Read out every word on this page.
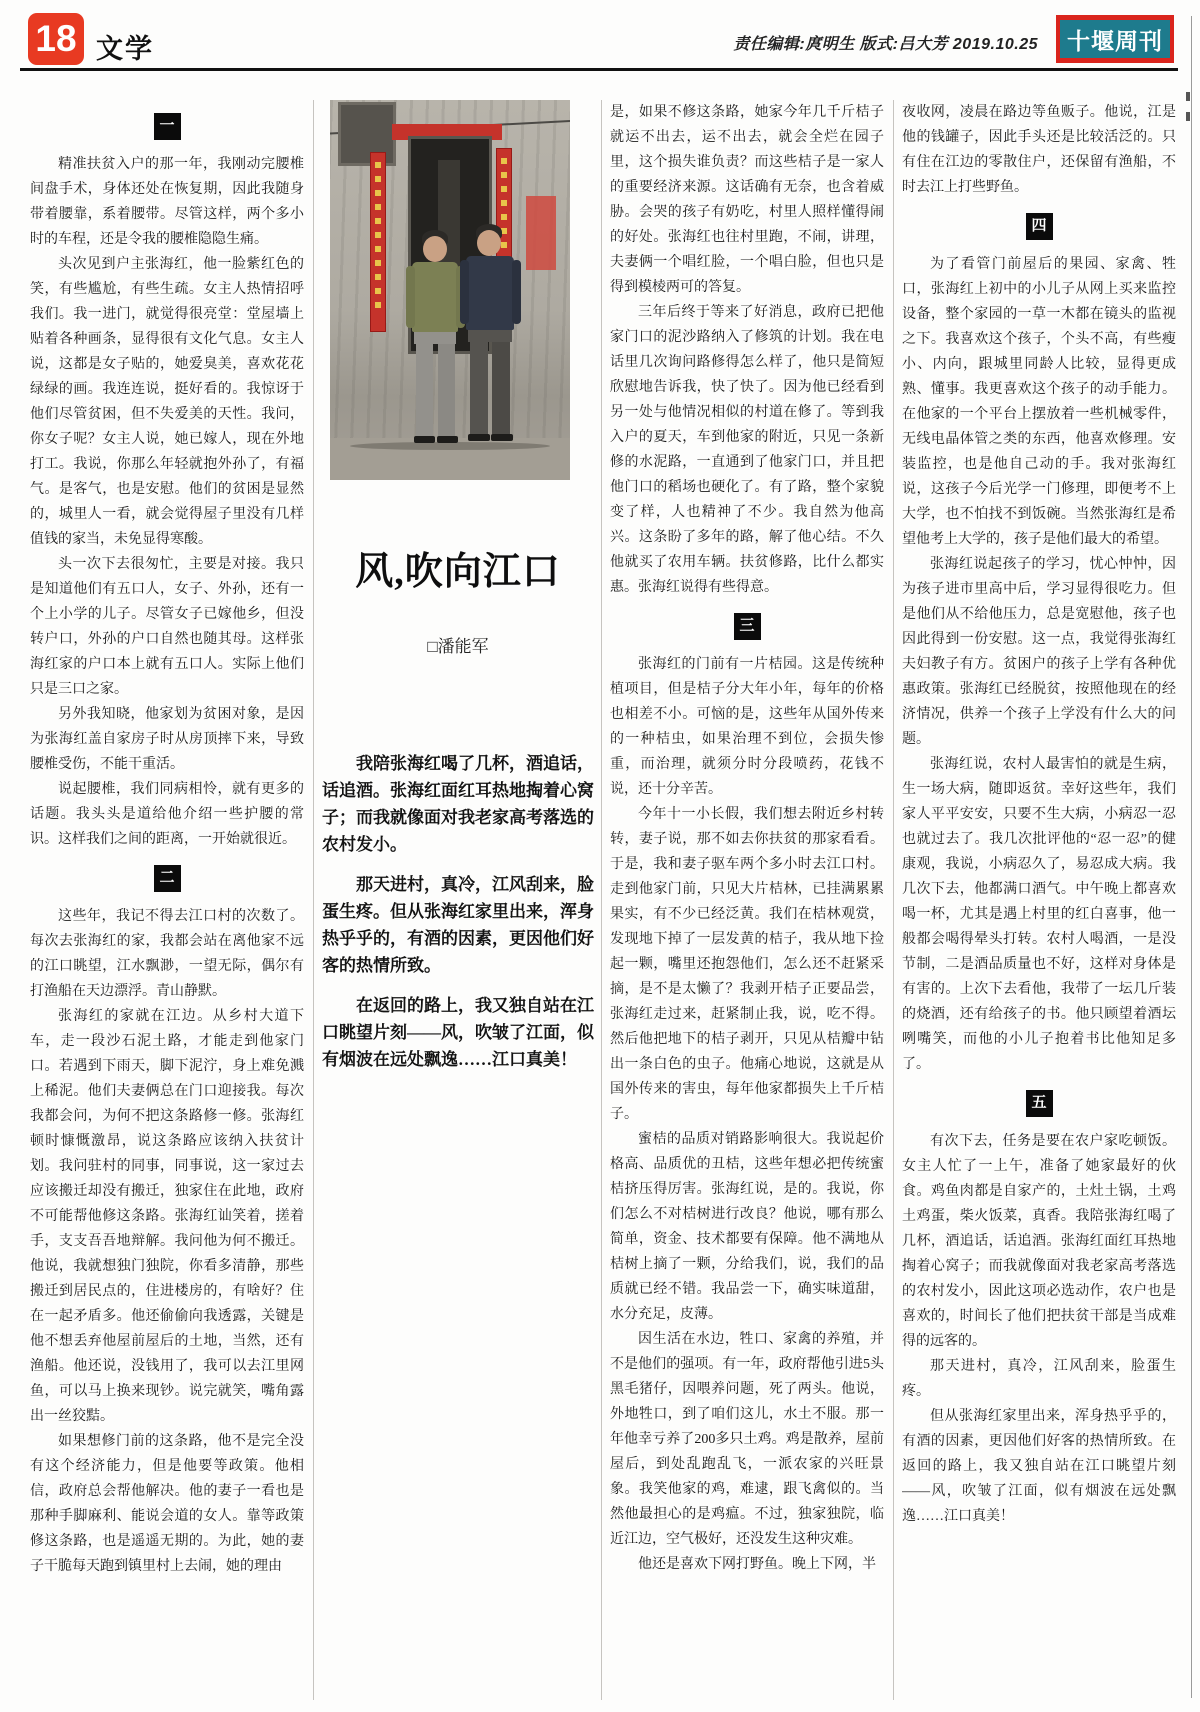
18 文学	责任编辑:庹明生 版式:吕大芳 2019.10.25	十堰周刊
一

精准扶贫入户的那一年，我刚动完腰椎间盘手术，身体还处在恢复期，因此我随身带着腰靠，系着腰带。尽管这样，两个多小时的车程，还是令我的腰椎隐隐生痛。

头次见到户主张海红，他一脸紫红色的笑，有些尴尬，有些生疏。女主人热情招呼我们。我一进门，就觉得很亮堂：堂屋墙上贴着各种画条，显得很有文化气息。女主人说，这都是女子贴的，她爱臭美，喜欢花花绿绿的画。我连连说，挺好看的。我惊讶于他们尽管贫困，但不失爱美的天性。我问，你女子呢？女主人说，她已嫁人，现在外地打工。我说，你那么年轻就抱外孙了，有福气。是客气，也是安慰。他们的贫困是显然的，城里人一看，就会觉得屋子里没有几样值钱的家当，未免显得寒酸。

头一次下去很匆忙，主要是对接。我只是知道他们有五口人，女子、外孙，还有一个上小学的儿子。尽管女子已嫁他乡，但没转户口，外孙的户口自然也随其母。这样张海红家的户口本上就有五口人。实际上他们只是三口之家。

另外我知晓，他家划为贫困对象，是因为张海红盖自家房子时从房顶摔下来，导致腰椎受伤，不能干重活。

说起腰椎，我们同病相怜，就有更多的话题。我头头是道给他介绍一些护腰的常识。这样我们之间的距离，一开始就很近。

二

这些年，我记不得去江口村的次数了。每次去张海红的家，我都会站在离他家不远的江口眺望，江水飘渺，一望无际，偶尔有打渔船在天边漂浮。青山静默。

张海红的家就在江边。从乡村大道下车，走一段沙石泥土路，才能走到他家门口。若遇到下雨天，脚下泥泞，身上难免溅上稀泥。他们夫妻俩总在门口迎接我。每次我都会问，为何不把这条路修一修。张海红顿时慷慨激昂，说这条路应该纳入扶贫计划。我问驻村的同事，同事说，这一家过去应该搬迁却没有搬迁，独家住在此地，政府不可能帮他修这条路。张海红讪笑着，搓着手，支支吾吾地辩解。我问他为何不搬迁。他说，我就想独门独院，你看多清静，那些搬迁到居民点的，住进楼房的，有啥好？住在一起矛盾多。他还偷偷向我透露，关键是他不想丢弃他屋前屋后的土地，当然，还有渔船。他还说，没钱用了，我可以去江里网鱼，可以马上换来现钞。说完就笑，嘴角露出一丝狡黠。

如果想修门前的这条路，他不是完全没有这个经济能力，但是他要等政策。他相信，政府总会帮他解决。他的妻子一看也是那种手脚麻利、能说会道的女人。靠等政策修这条路，也是遥遥无期的。为此，她的妻子干脆每天跑到镇里村上去闹，她的理由

风,吹向江口
□潘能军

我陪张海红喝了几杯，酒追话，话追酒。张海红面红耳热地掏着心窝子；而我就像面对我老家高考落选的农村发小。

那天进村，真冷，江风刮来，脸蛋生疼。但从张海红家里出来，浑身热乎乎的，有酒的因素，更因他们好客的热情所致。

在返回的路上，我又独自站在江口眺望片刻——风，吹皱了江面，似有烟波在远处飘逸……江口真美！

是，如果不修这条路，她家今年几千斤桔子就运不出去，运不出去，就会全烂在园子里，这个损失谁负责？而这些桔子是一家人的重要经济来源。这话确有无奈，也含着威胁。会哭的孩子有奶吃，村里人照样懂得闹的好处。张海红也往村里跑，不闹，讲理，夫妻俩一个唱红脸，一个唱白脸，但也只是得到模棱两可的答复。

三年后终于等来了好消息，政府已把他家门口的泥沙路纳入了修筑的计划。我在电话里几次询问路修得怎么样了，他只是简短欣慰地告诉我，快了快了。因为他已经看到另一处与他情况相似的村道在修了。等到我入户的夏天，车到他家的附近，只见一条新修的水泥路，一直通到了他家门口，并且把他门口的稻场也硬化了。有了路，整个家貌变了样，人也精神了不少。我自然为他高兴。这条盼了多年的路，解了他心结。不久他就买了农用车辆。扶贫修路，比什么都实惠。张海红说得有些得意。

三

张海红的门前有一片桔园。这是传统种植项目，但是桔子分大年小年，每年的价格也相差不小。可恼的是，这些年从国外传来的一种桔虫，如果治理不到位，会损失惨重，而治理，就须分时分段喷药，花钱不说，还十分辛苦。

今年十一小长假，我们想去附近乡村转转，妻子说，那不如去你扶贫的那家看看。于是，我和妻子驱车两个多小时去江口村。走到他家门前，只见大片桔林，已挂满累累果实，有不少已经泛黄。我们在桔林观赏，发现地下掉了一层发黄的桔子，我从地下捡起一颗，嘴里还抱怨他们，怎么还不赶紧采摘，是不是太懒了？我剥开桔子正要品尝，张海红走过来，赶紧制止我，说，吃不得。然后他把地下的桔子剥开，只见从桔瓣中钻出一条白色的虫子。他痛心地说，这就是从国外传来的害虫，每年他家都损失上千斤桔子。

蜜桔的品质对销路影响很大。我说起价格高、品质优的丑桔，这些年想必把传统蜜桔挤压得厉害。张海红说，是的。我说，你们怎么不对桔树进行改良？他说，哪有那么简单，资金、技术都要有保障。他不满地从桔树上摘了一颗，分给我们，说，我们的品质就已经不错。我品尝一下，确实味道甜，水分充足，皮薄。

因生活在水边，牲口、家禽的养殖，并不是他们的强项。有一年，政府帮他引进5头黑毛猪仔，因喂养问题，死了两头。他说，外地牲口，到了咱们这儿，水土不服。那一年他幸亏养了200多只土鸡。鸡是散养，屋前屋后，到处乱跑乱飞，一派农家的兴旺景象。我笑他家的鸡，难逮，跟飞禽似的。当然他最担心的是鸡瘟。不过，独家独院，临近江边，空气极好，还没发生这种灾难。

他还是喜欢下网打野鱼。晚上下网，半

夜收网，凌晨在路边等鱼贩子。他说，江是他的钱罐子，因此手头还是比较活泛的。只有住在江边的零散住户，还保留有渔船，不时去江上打些野鱼。

四

为了看管门前屋后的果园、家禽、牲口，张海红上初中的小儿子从网上买来监控设备，整个家园的一草一木都在镜头的监视之下。我喜欢这个孩子，个头不高，有些瘦小、内向，跟城里同龄人比较，显得更成熟、懂事。我更喜欢这个孩子的动手能力。在他家的一个平台上摆放着一些机械零件，无线电晶体管之类的东西，他喜欢修理。安装监控，也是他自己动的手。我对张海红说，这孩子今后光学一门修理，即便考不上大学，也不怕找不到饭碗。当然张海红是希望他考上大学的，孩子是他们最大的希望。

张海红说起孩子的学习，忧心忡忡，因为孩子进市里高中后，学习显得很吃力。但是他们从不给他压力，总是宽慰他，孩子也因此得到一份安慰。这一点，我觉得张海红夫妇教子有方。贫困户的孩子上学有各种优惠政策。张海红已经脱贫，按照他现在的经济情况，供养一个孩子上学没有什么大的问题。

张海红说，农村人最害怕的就是生病，生一场大病，随即返贫。幸好这些年，我们家人平平安安，只要不生大病，小病忍一忍也就过去了。我几次批评他的“忍一忍”的健康观，我说，小病忍久了，易忍成大病。我几次下去，他都满口酒气。中午晚上都喜欢喝一杯，尤其是遇上村里的红白喜事，他一般都会喝得晕头打转。农村人喝酒，一是没节制，二是酒品质量也不好，这样对身体是有害的。上次下去看他，我带了一坛几斤装的烧酒，还有给孩子的书。他只顾望着酒坛咧嘴笑，而他的小儿子抱着书比他知足多了。

五

有次下去，任务是要在农户家吃顿饭。女主人忙了一上午，准备了她家最好的伙食。鸡鱼肉都是自家产的，土灶土锅，土鸡土鸡蛋，柴火饭菜，真香。我陪张海红喝了几杯，酒追话，话追酒。张海红面红耳热地掏着心窝子；而我就像面对我老家高考落选的农村发小，因此这项必选动作，农户也是喜欢的，时间长了他们把扶贫干部是当成难得的远客的。

那天进村，真冷，江风刮来，脸蛋生疼。

但从张海红家里出来，浑身热乎乎的，有酒的因素，更因他们好客的热情所致。在返回的路上，我又独自站在江口眺望片刻——风，吹皱了江面，似有烟波在远处飘逸……江口真美！
